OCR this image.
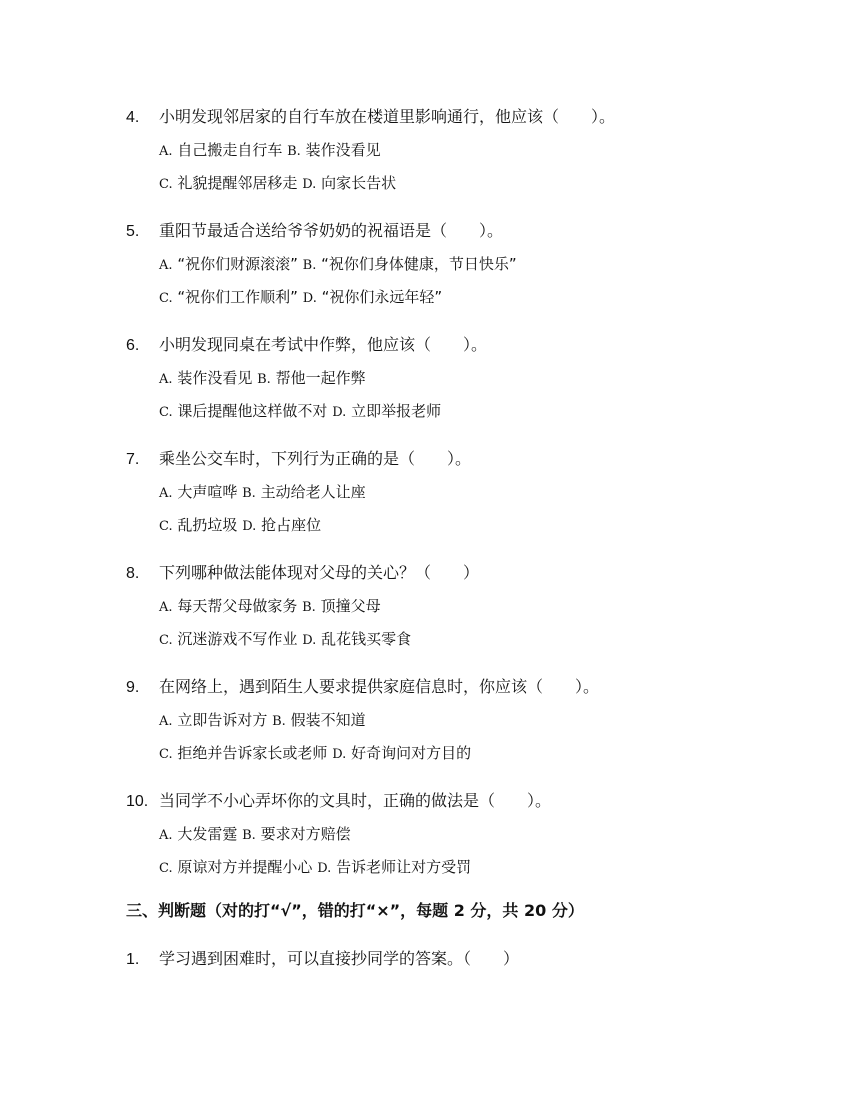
4. 小明发现邻居家的自行车放在楼道里影响通行，他应该（　　）。
A. 自己搬走自行车 B. 装作没看见
C. 礼貌提醒邻居移走 D. 向家长告状
5. 重阳节最适合送给爷爷奶奶的祝福语是（　　）。
A. “祝你们财源滚滚” B. “祝你们身体健康，节日快乐”
C. “祝你们工作顺利” D. “祝你们永远年轻”
6. 小明发现同桌在考试中作弊，他应该（　　）。
A. 装作没看见 B. 帮他一起作弊
C. 课后提醒他这样做不对 D. 立即举报老师
7. 乘坐公交车时，下列行为正确的是（　　）。
A. 大声喧哗 B. 主动给老人让座
C. 乱扔垃圾 D. 抢占座位
8. 下列哪种做法能体现对父母的关心？（　　）
A. 每天帮父母做家务 B. 顶撞父母
C. 沉迷游戏不写作业 D. 乱花钱买零食
9. 在网络上，遇到陌生人要求提供家庭信息时，你应该（　　）。
A. 立即告诉对方 B. 假装不知道
C. 拒绝并告诉家长或老师 D. 好奇询问对方目的
10. 当同学不小心弄坏你的文具时，正确的做法是（　　）。
A. 大发雷霆 B. 要求对方赔偿
C. 原谅对方并提醒小心 D. 告诉老师让对方受罚
三、判断题（对的打“√”，错的打“×”，每题 2 分，共 20 分）
1. 学习遇到困难时，可以直接抄同学的答案。（　　）
